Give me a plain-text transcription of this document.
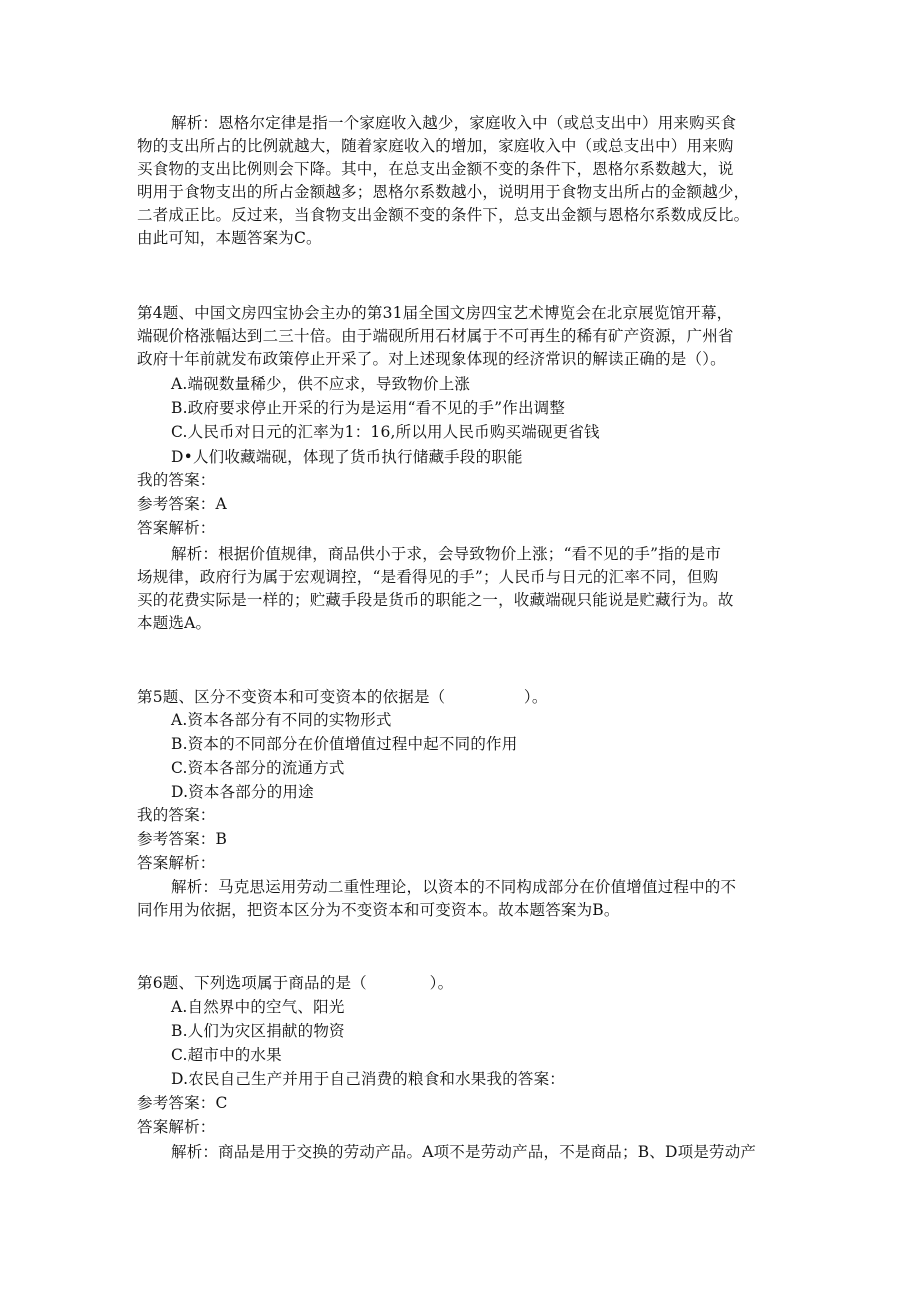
解析：恩格尔定律是指一个家庭收入越少，家庭收入中（或总支出中）用来购买食
物的支出所占的比例就越大，随着家庭收入的增加，家庭收入中（或总支出中）用来购
买食物的支出比例则会下降。其中，在总支出金额不变的条件下，恩格尔系数越大，说
明用于食物支出的所占金额越多；恩格尔系数越小，说明用于食物支出所占的金额越少，
二者成正比。反过来，当食物支出金额不变的条件下，总支出金额与恩格尔系数成反比。
由此可知，本题答案为C。
第4题、中国文房四宝协会主办的第31届全国文房四宝艺术博览会在北京展览馆开幕，
端砚价格涨幅达到二三十倍。由于端砚所用石材属于不可再生的稀有矿产资源，广州省
政府十年前就发布政策停止开采了。对上述现象体现的经济常识的解读正确的是（）。
A.端砚数量稀少，供不应求，导致物价上涨
B.政府要求停止开采的行为是运用“看不见的手”作出调整
C.人民币对日元的汇率为1：16,所以用人民币购买端砚更省钱
D•人们收藏端砚，体现了货币执行储藏手段的职能
我的答案：
参考答案：A
答案解析：
解析：根据价值规律，商品供小于求，会导致物价上涨；“看不见的手”指的是市
场规律，政府行为属于宏观调控，“是看得见的手”；人民币与日元的汇率不同，但购
买的花费实际是一样的；贮藏手段是货币的职能之一，收藏端砚只能说是贮藏行为。故
本题选A。
第5题、区分不变资本和可变资本的依据是（　　　　　）。
A.资本各部分有不同的实物形式
B.资本的不同部分在价值增值过程中起不同的作用
C.资本各部分的流通方式
D.资本各部分的用途
我的答案：
参考答案：B
答案解析：
解析：马克思运用劳动二重性理论，以资本的不同构成部分在价值增值过程中的不
同作用为依据，把资本区分为不变资本和可变资本。故本题答案为B。
第6题、下列选项属于商品的是（　　　　）。
A.自然界中的空气、阳光
B.人们为灾区捐献的物资
C.超市中的水果
D.农民自己生产并用于自己消费的粮食和水果我的答案：
参考答案：C
答案解析：
解析：商品是用于交换的劳动产品。A项不是劳动产品，不是商品；B、D项是劳动产
